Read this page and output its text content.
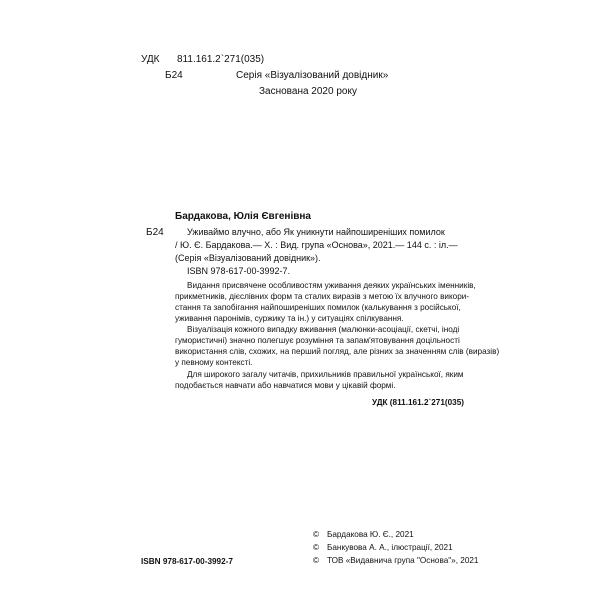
УДК 811.161.2`271(035)
Б24	Серія «Візуалізований довідник»
Заснована 2020 року
Бардакова, Юлія Євгенівна
Б24	Уживаймо влучно, або Як уникнути найпоширеніших помилок
/ Ю. Є. Бардакова.— Х. : Вид. група «Основа», 2021.— 144 с. : іл.—
(Серія «Візуалізований довідник»).
ISBN 978-617-00-3992-7.
Видання присвячене особливостям уживання деяких українських іменників,
прикметників, дієслівних форм та сталих виразів з метою їх влучного викори-
стання та запобігання найпоширеніших помилок (калькування з російської,
уживання паронімів, суржику та ін.) у ситуаціях спілкування.
Візуалізація кожного випадку вживання (малюнки-асоціації, скетчі, іноді
гумористичні) значно полегшує розуміння та запам'ятовування доцільності
використання слів, схожих, на перший погляд, але різних за значенням слів (виразів)
у певному контексті.
Для широкого загалу читачів, прихильників правильної української, яким
подобається навчати або навчатися мови у цікавій формі.
УДК (811.161.2`271(035)
ISBN 978-617-00-3992-7
© Бардакова Ю. Є., 2021
© Банкувова А. А., ілюстрації, 2021
© ТОВ «Видавнича група "Основа"», 2021
